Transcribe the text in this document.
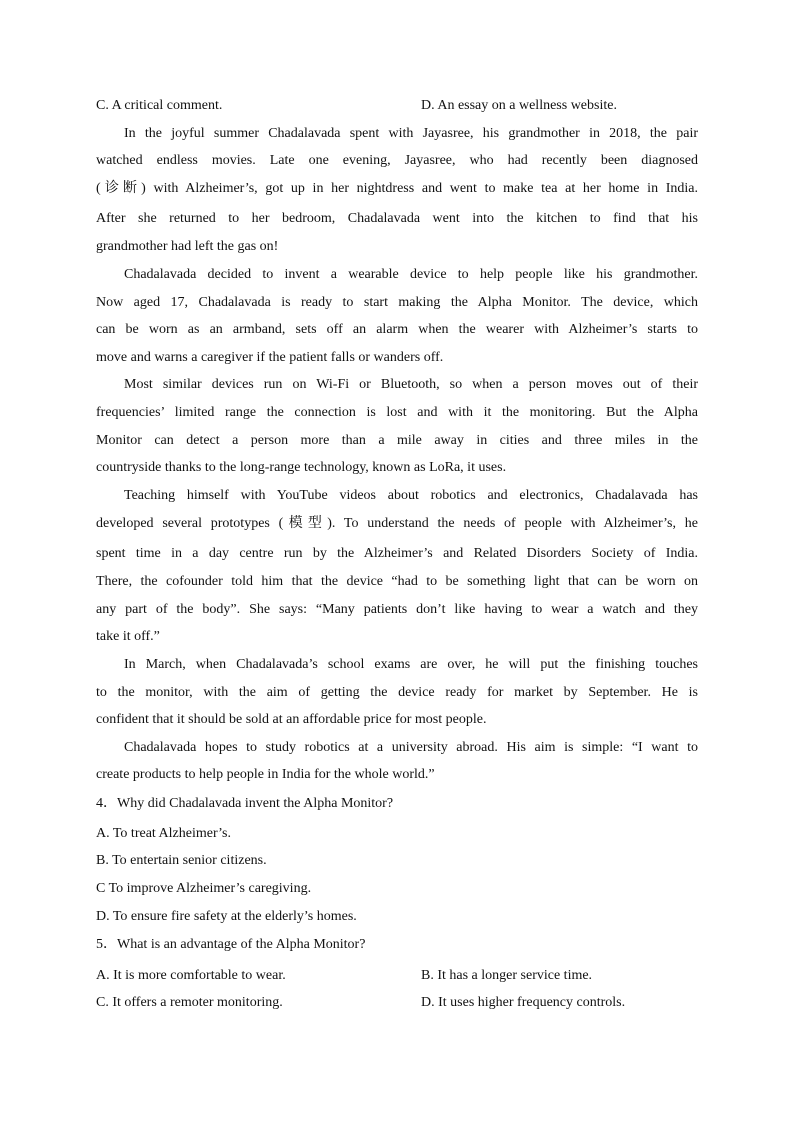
C. A critical comment.	D. An essay on a wellness website.
In the joyful summer Chadalavada spent with Jayasree, his grandmother in 2018, the pair
watched endless movies. Late one evening, Jayasree, who had recently been diagnosed
(诊断) with Alzheimer’s, got up in her nightdress and went to make tea at her home in India.
After she returned to her bedroom, Chadalavada went into the kitchen to find that his
grandmother had left the gas on!
Chadalavada decided to invent a wearable device to help people like his grandmother.
Now aged 17, Chadalavada is ready to start making the Alpha Monitor. The device, which
can be worn as an armband, sets off an alarm when the wearer with Alzheimer’s starts to
move and warns a caregiver if the patient falls or wanders off.
Most similar devices run on Wi-Fi or Bluetooth, so when a person moves out of their
frequencies’ limited range the connection is lost and with it the monitoring. But the Alpha
Monitor can detect a person more than a mile away in cities and three miles in the
countryside thanks to the long-range technology, known as LoRa, it uses.
Teaching himself with YouTube videos about robotics and electronics, Chadalavada has
developed several prototypes (模型). To understand the needs of people with Alzheimer’s, he
spent time in a day centre run by the Alzheimer’s and Related Disorders Society of India.
There, the cofounder told him that the device “had to be something light that can be worn on
any part of the body”. She says: “Many patients don’t like having to wear a watch and they
take it off.”
In March, when Chadalavada’s school exams are over, he will put the finishing touches
to the monitor, with the aim of getting the device ready for market by September. He is
confident that it should be sold at an affordable price for most people.
Chadalavada hopes to study robotics at a university abroad. His aim is simple: “I want to
create products to help people in India for the whole world.”
4．Why did Chadalavada invent the Alpha Monitor?
A. To treat Alzheimer’s.
B. To entertain senior citizens.
C To improve Alzheimer’s caregiving.
D. To ensure fire safety at the elderly’s homes.
5．What is an advantage of the Alpha Monitor?
A. It is more comfortable to wear.	B. It has a longer service time.
C. It offers a remoter monitoring.	D. It uses higher frequency controls.
